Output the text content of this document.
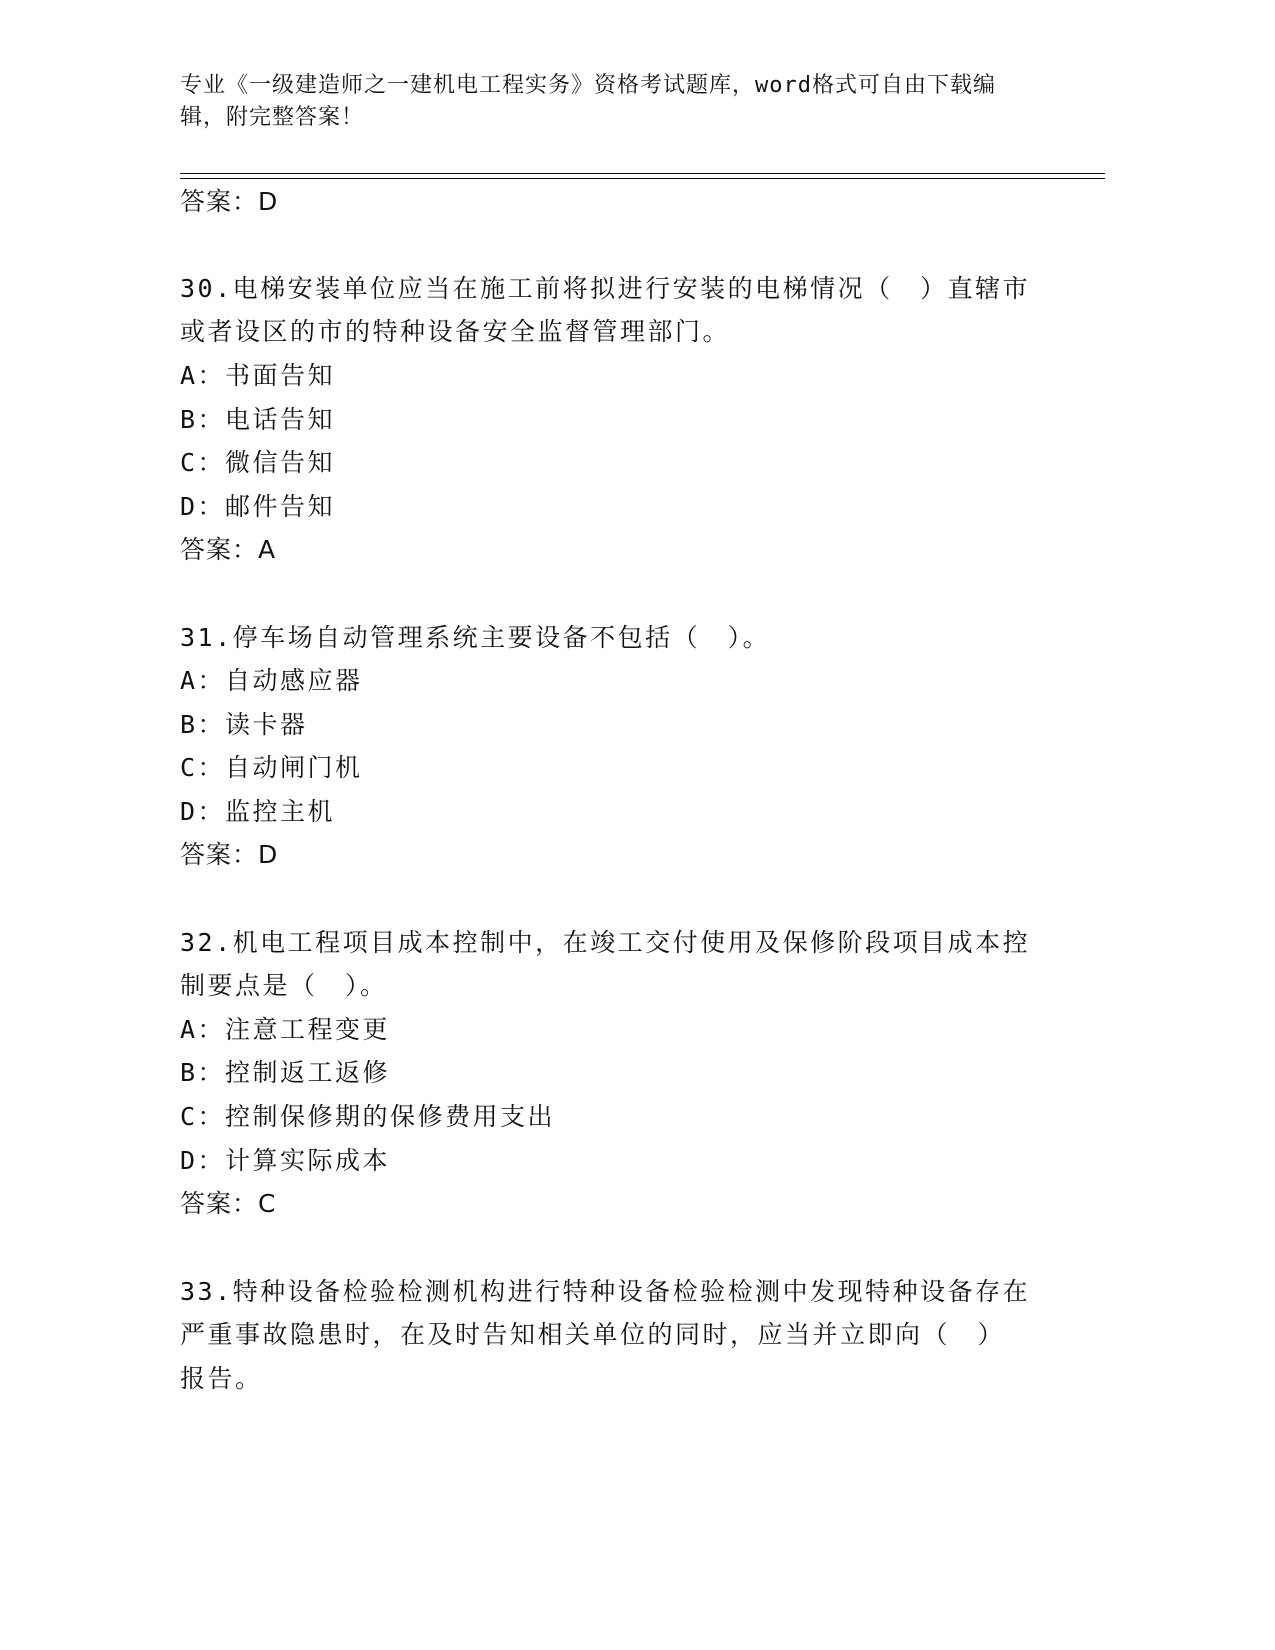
专业《一级建造师之一建机电工程实务》资格考试题库，word格式可自由下载编
辑，附完整答案！
答案：D
30.电梯安装单位应当在施工前将拟进行安装的电梯情况（　）直辖市
或者设区的市的特种设备安全监督管理部门。
A：书面告知
B：电话告知
C：微信告知
D：邮件告知
答案：A
31.停车场自动管理系统主要设备不包括（　）。
A：自动感应器
B：读卡器
C：自动闸门机
D：监控主机
答案：D
32.机电工程项目成本控制中，在竣工交付使用及保修阶段项目成本控
制要点是（　）。
A：注意工程变更
B：控制返工返修
C：控制保修期的保修费用支出
D：计算实际成本
答案：C
33.特种设备检验检测机构进行特种设备检验检测中发现特种设备存在
严重事故隐患时，在及时告知相关单位的同时，应当并立即向（　）
报告。
